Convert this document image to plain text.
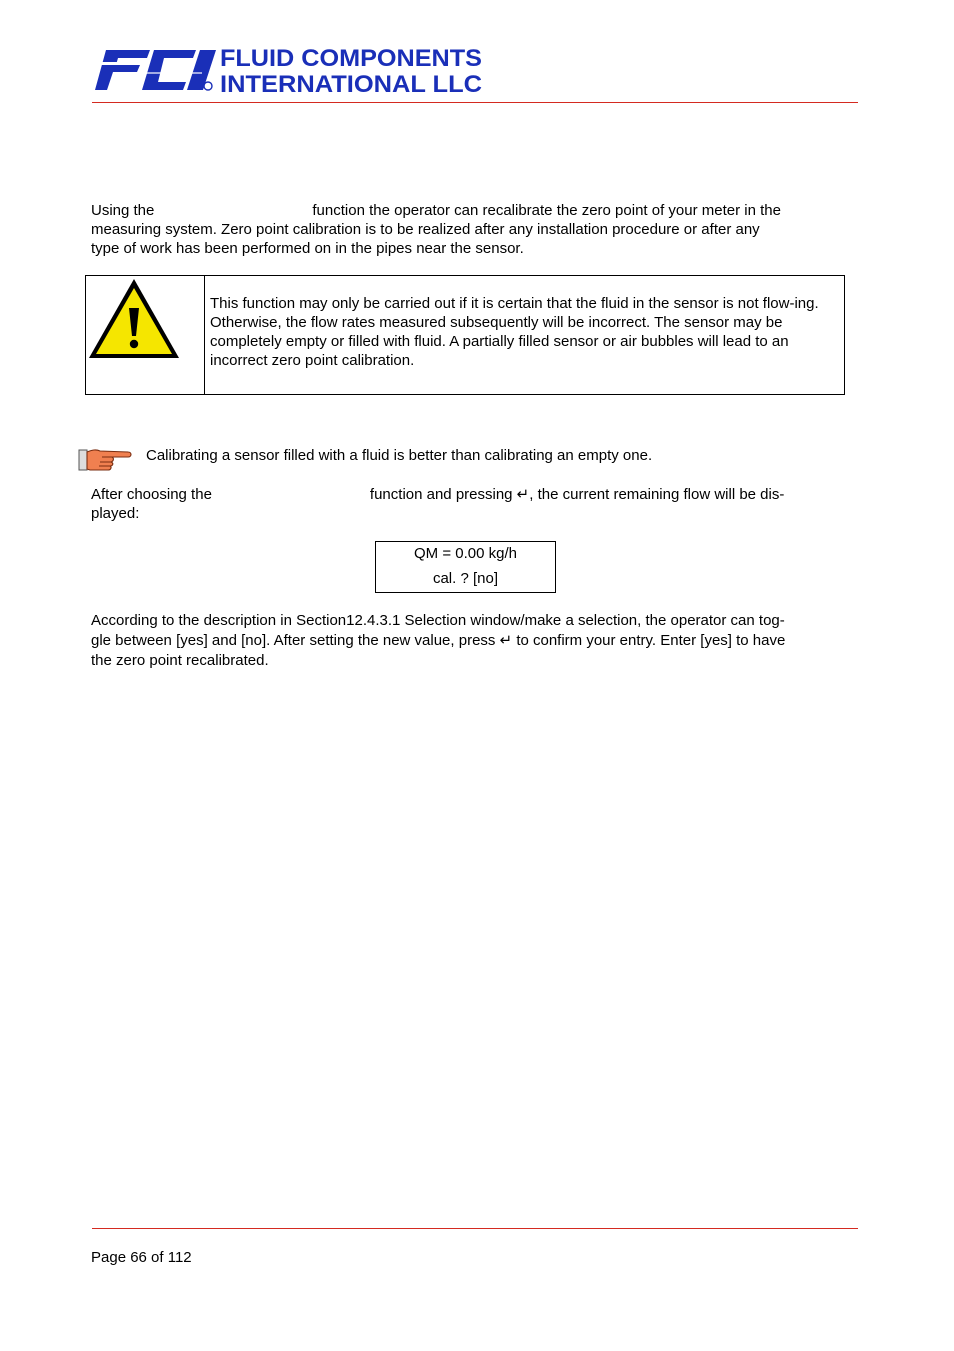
FLUID COMPONENTS
INTERNATIONAL LLC

Using the	function the operator can recalibrate the zero point of your meter in the
measuring system. Zero point calibration is to be realized after any installation procedure or after any
type of work has been performed on in the pipes near the sensor.

This function may only be carried out if it is certain that the fluid in the sensor is not flow-ing. Otherwise, the flow rates measured subsequently will be incorrect. The sensor may be completely empty or filled with fluid. A partially filled sensor or air bubbles will lead to an incorrect zero point calibration.

Calibrating a sensor filled with a fluid is better than calibrating an empty one.

After choosing the	function and pressing ↵, the current remaining flow will be dis-
played:

QM = 0.00 kg/h
cal. ? [no]

According to the description in Section12.4.3.1 Selection window/make a selection, the operator can tog-
gle between [yes] and [no]. After setting the new value, press ↵ to confirm your entry. Enter [yes] to have
the zero point recalibrated.

Page 66 of 112
